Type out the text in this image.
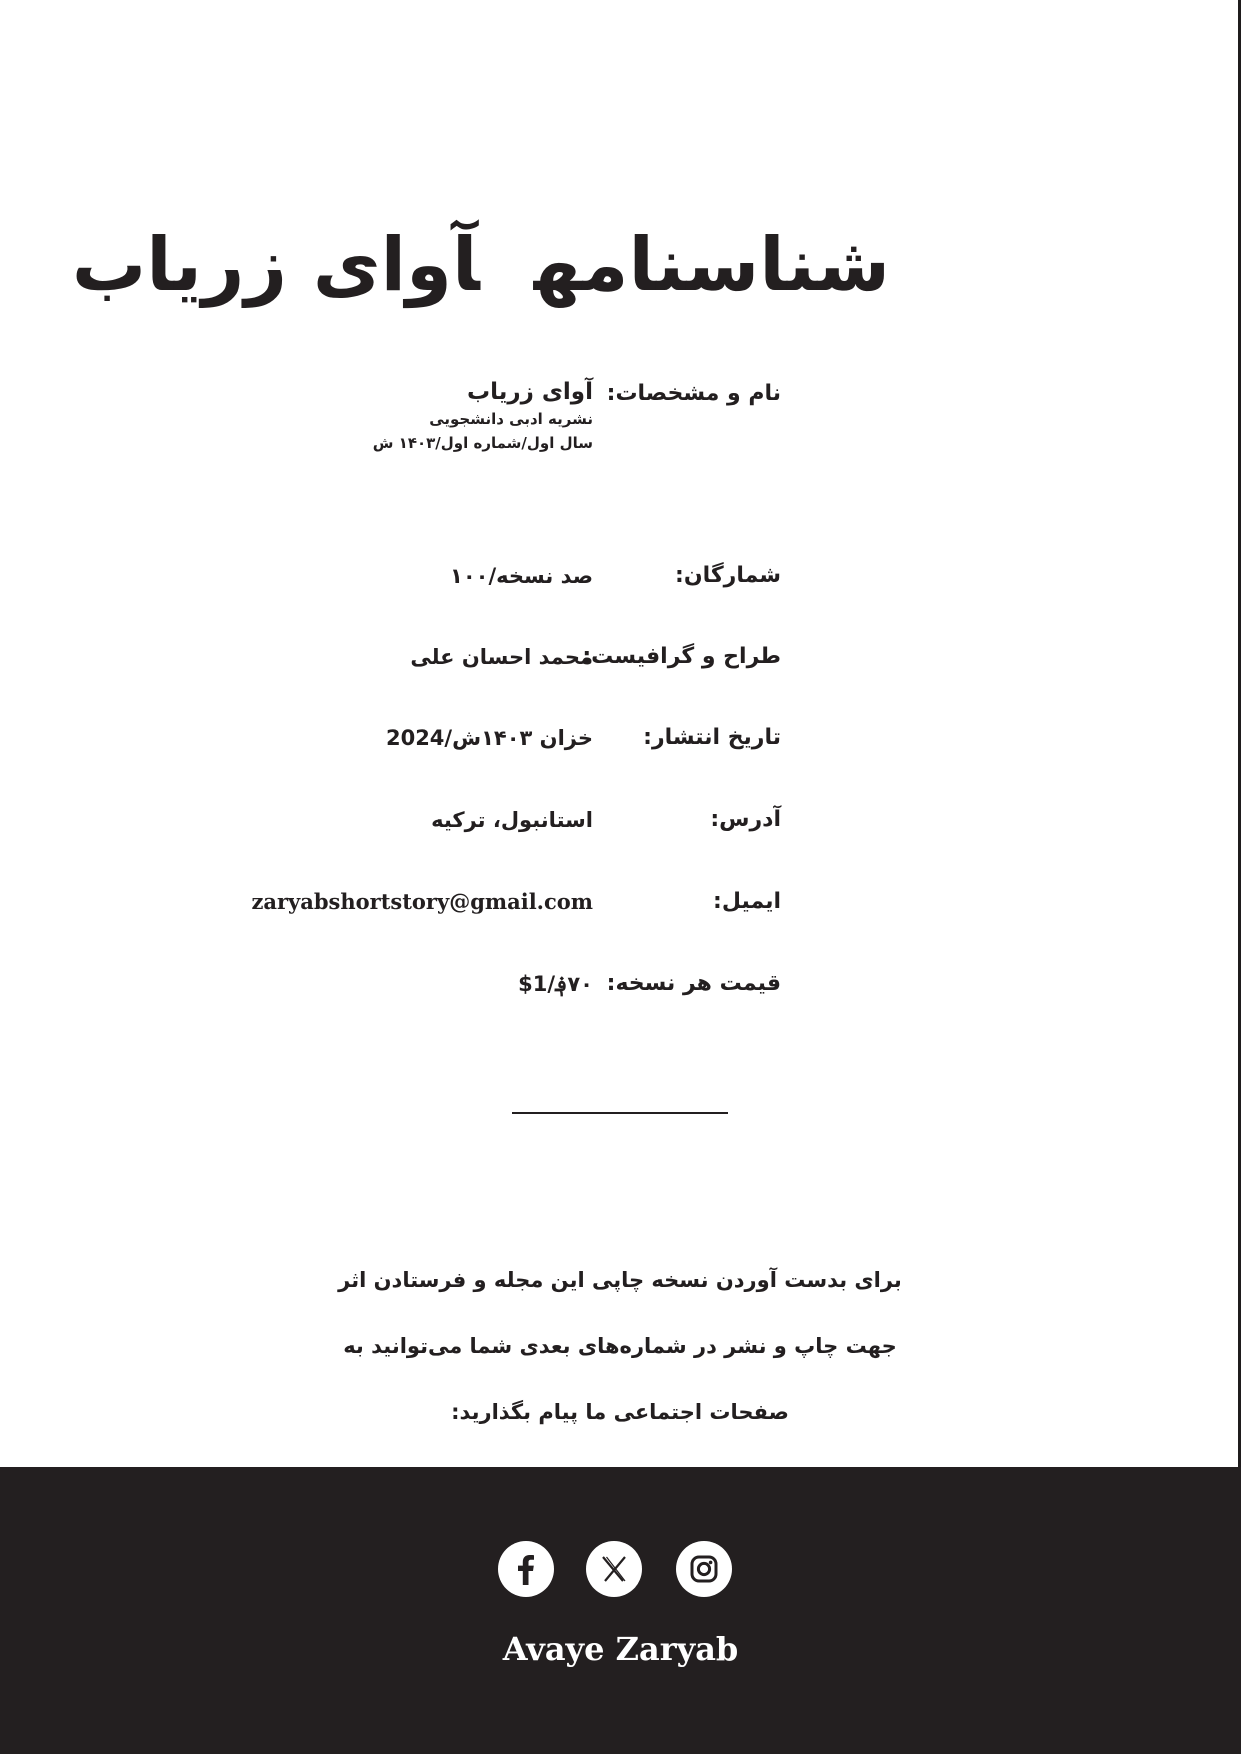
شناسنامهآوای زریاب
نام و مشخصات:
آوای زریاب
نشریه ادبی دانشجویی
سال اول/شماره اول/۱۴۰۳ ش
شمارگان:
صد نسخه/۱۰۰
طراح و گرافیست:
محمد احسان علی
تاریخ انتشار:
خزان ۱۴۰۳ش/2024
آدرس:
استانبول، ترکیه
ایمیل:
zaryabshortstory@gmail.com
قیمت هر نسخه:
۷۰؋/1$
برای بدست آوردن نسخه چاپی این مجله و فرستادن اثر
جهت چاپ و نشر در شماره‌های بعدی شما می‌توانید به
صفحات اجتماعی ما پیام بگذارید:
Avaye Zaryab
